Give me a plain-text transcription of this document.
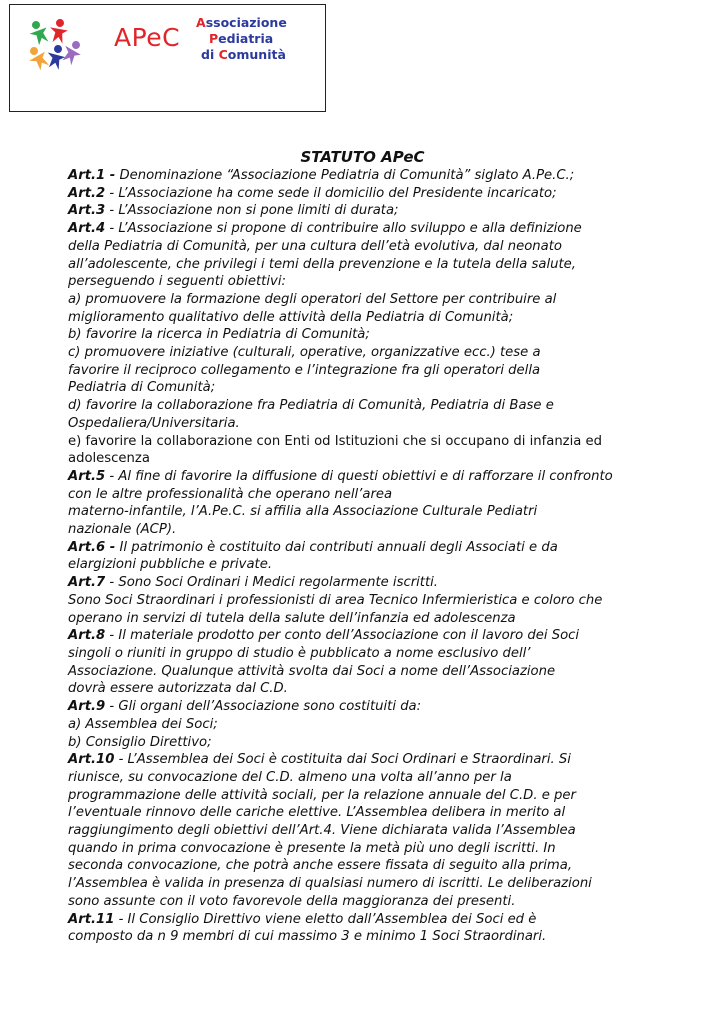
APeC
Associazione
Pediatria
di Comunità
STATUTO APeC
Art.1 - Denominazione “Associazione Pediatria di Comunità” siglato A.Pe.C.;
Art.2 - L’Associazione ha come sede il domicilio del Presidente incaricato;
Art.3 - L’Associazione non si pone limiti di durata;
Art.4 - L’Associazione si propone di contribuire allo sviluppo e alla definizione
della Pediatria di Comunità, per una cultura dell’età evolutiva, dal neonato
all’adolescente, che privilegi i temi della prevenzione e la tutela della salute,
perseguendo i seguenti obiettivi:
a) promuovere la formazione degli operatori del Settore per contribuire al
miglioramento qualitativo delle attività della Pediatria di Comunità;
b) favorire la ricerca in Pediatria di Comunità;
c) promuovere iniziative (culturali, operative, organizzative ecc.) tese a
favorire il reciproco collegamento e l’integrazione fra gli operatori della
Pediatria di Comunità;
d) favorire la collaborazione fra Pediatria di Comunità, Pediatria di Base e
Ospedaliera/Universitaria.
e) favorire la collaborazione con Enti od Istituzioni che si occupano di infanzia ed
adolescenza
Art.5 - Al fine di favorire la diffusione di questi obiettivi e di rafforzare il confronto
con le altre professionalità che operano nell’area
materno-infantile, l’A.Pe.C. si affilia alla Associazione Culturale Pediatri
nazionale (ACP).
Art.6 - Il patrimonio è costituito dai contributi annuali degli Associati e da
elargizioni pubbliche e private.
Art.7 - Sono Soci Ordinari i Medici regolarmente iscritti.
Sono Soci Straordinari i professionisti di area Tecnico Infermieristica e coloro che
operano in servizi di tutela della salute dell’infanzia ed adolescenza
Art.8 - Il materiale prodotto per conto dell’Associazione con il lavoro dei Soci
singoli o riuniti in gruppo di studio è pubblicato a nome esclusivo dell’
Associazione. Qualunque attività svolta dai Soci a nome dell’Associazione
dovrà essere autorizzata dal C.D.
Art.9 - Gli organi dell’Associazione sono costituiti da:
a) Assemblea dei Soci;
b) Consiglio Direttivo;
Art.10 - L’Assemblea dei Soci è costituita dai Soci Ordinari e Straordinari. Si
riunisce, su convocazione del C.D. almeno una volta all’anno per la
programmazione delle attività sociali, per la relazione annuale del C.D. e per
l’eventuale rinnovo delle cariche elettive. L’Assemblea delibera in merito al
raggiungimento degli obiettivi dell’Art.4. Viene dichiarata valida l’Assemblea
quando in prima convocazione è presente la metà più uno degli iscritti. In
seconda convocazione, che potrà anche essere fissata di seguito alla prima,
l’Assemblea è valida in presenza di qualsiasi numero di iscritti. Le deliberazioni
sono assunte con il voto favorevole della maggioranza dei presenti.
Art.11 - Il Consiglio Direttivo viene eletto dall’Assemblea dei Soci ed è
composto da n 9 membri di cui massimo 3 e minimo 1 Soci Straordinari.
